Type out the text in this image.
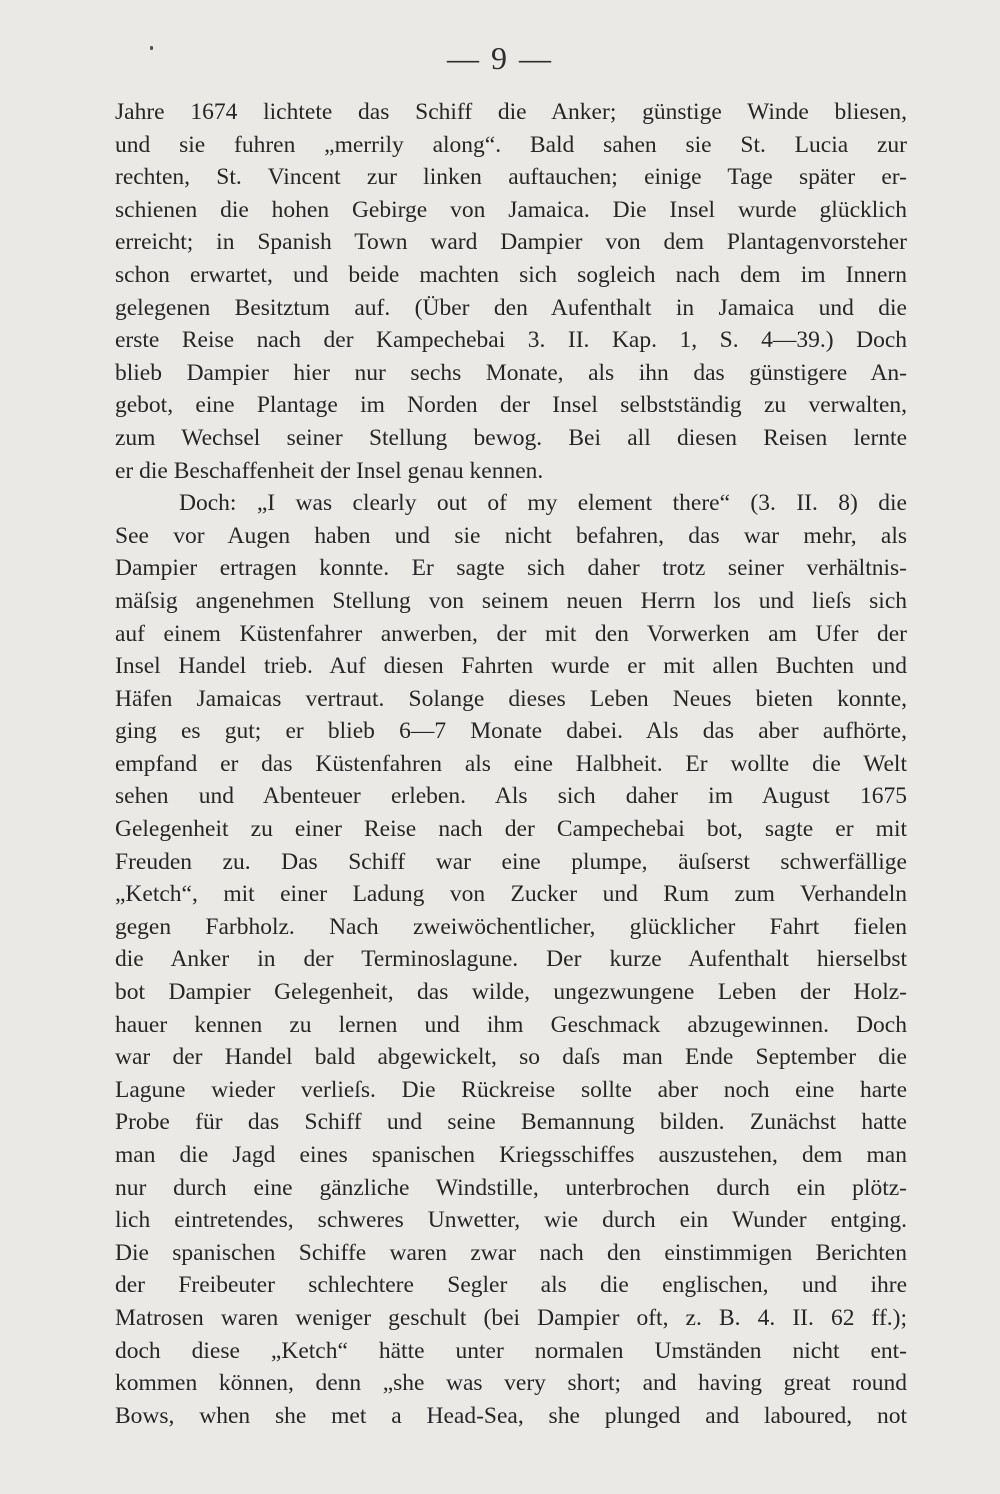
— 9 —
Jahre 1674 lichtete das Schiff die Anker; günstige Winde bliesen,
und sie fuhren „merrily along“. Bald sahen sie St. Lucia zur
rechten, St. Vincent zur linken auftauchen; einige Tage später er-
schienen die hohen Gebirge von Jamaica. Die Insel wurde glücklich
erreicht; in Spanish Town ward Dampier von dem Plantagenvorsteher
schon erwartet, und beide machten sich sogleich nach dem im Innern
gelegenen Besitztum auf. (Über den Aufenthalt in Jamaica und die
erste Reise nach der Kampechebai 3. II. Kap. 1, S. 4—39.) Doch
blieb Dampier hier nur sechs Monate, als ihn das günstigere An-
gebot, eine Plantage im Norden der Insel selbstständig zu verwalten,
zum Wechsel seiner Stellung bewog. Bei all diesen Reisen lernte
er die Beschaffenheit der Insel genau kennen.
Doch: „I was clearly out of my element there“ (3. II. 8) die
See vor Augen haben und sie nicht befahren, das war mehr, als
Dampier ertragen konnte. Er sagte sich daher trotz seiner verhältnis-
mäſsig angenehmen Stellung von seinem neuen Herrn los und lieſs sich
auf einem Küstenfahrer anwerben, der mit den Vorwerken am Ufer der
Insel Handel trieb. Auf diesen Fahrten wurde er mit allen Buchten und
Häfen Jamaicas vertraut. Solange dieses Leben Neues bieten konnte,
ging es gut; er blieb 6—7 Monate dabei. Als das aber aufhörte,
empfand er das Küstenfahren als eine Halbheit. Er wollte die Welt
sehen und Abenteuer erleben. Als sich daher im August 1675
Gelegenheit zu einer Reise nach der Campechebai bot, sagte er mit
Freuden zu. Das Schiff war eine plumpe, äuſserst schwerfällige
„Ketch“, mit einer Ladung von Zucker und Rum zum Verhandeln
gegen Farbholz. Nach zweiwöchentlicher, glücklicher Fahrt fielen
die Anker in der Terminoslagune. Der kurze Aufenthalt hierselbst
bot Dampier Gelegenheit, das wilde, ungezwungene Leben der Holz-
hauer kennen zu lernen und ihm Geschmack abzugewinnen. Doch
war der Handel bald abgewickelt, so daſs man Ende September die
Lagune wieder verlieſs. Die Rückreise sollte aber noch eine harte
Probe für das Schiff und seine Bemannung bilden. Zunächst hatte
man die Jagd eines spanischen Kriegsschiffes auszustehen, dem man
nur durch eine gänzliche Windstille, unterbrochen durch ein plötz-
lich eintretendes, schweres Unwetter, wie durch ein Wunder entging.
Die spanischen Schiffe waren zwar nach den einstimmigen Berichten
der Freibeuter schlechtere Segler als die englischen, und ihre
Matrosen waren weniger geschult (bei Dampier oft, z. B. 4. II. 62 ff.);
doch diese „Ketch“ hätte unter normalen Umständen nicht ent-
kommen können, denn „she was very short; and having great round
Bows, when she met a Head-Sea, she plunged and laboured, not
